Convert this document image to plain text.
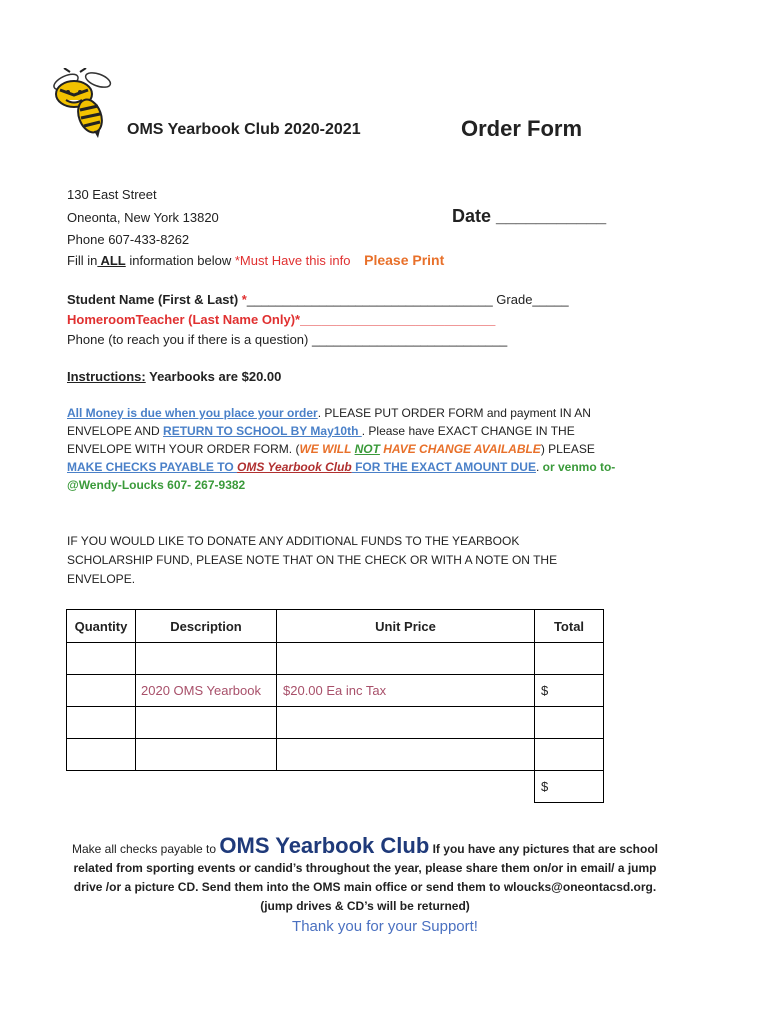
OMS Yearbook Club 2020-2021	Order Form
130 East Street
Oneonta, New York 13820
Phone 607-433-8262
Date ___________
Fill in ALL information below *Must Have this info Please Print
Student Name (First & Last) *__________________________________ Grade_____
HomeroomTeacher (Last Name Only)*___________________________
Phone (to reach you if there is a question) ___________________________
Instructions: Yearbooks are $20.00
All Money is due when you place your order. PLEASE PUT ORDER FORM and payment IN AN ENVELOPE AND RETURN TO SCHOOL BY May10th . Please have EXACT CHANGE IN THE ENVELOPE WITH YOUR ORDER FORM. (WE WILL NOT HAVE CHANGE AVAILABLE) PLEASE MAKE CHECKS PAYABLE TO OMS Yearbook Club FOR THE EXACT AMOUNT DUE. or venmo to- @Wendy-Loucks 607- 267-9382
IF YOU WOULD LIKE TO DONATE ANY ADDITIONAL FUNDS TO THE YEARBOOK SCHOLARSHIP FUND, PLEASE NOTE THAT ON THE CHECK OR WITH A NOTE ON THE ENVELOPE.
Quantity	Description	Unit Price	Total

	2020 OMS Yearbook	$20.00 Ea inc Tax	$

			$
Make all checks payable to OMS Yearbook Club If you have any pictures that are school related from sporting events or candid’s throughout the year, please share them on/or in email/ a jump drive /or a picture CD. Send them into the OMS main office or send them to wloucks@oneontacsd.org. (jump drives & CD’s will be returned)
Thank you for your Support!
